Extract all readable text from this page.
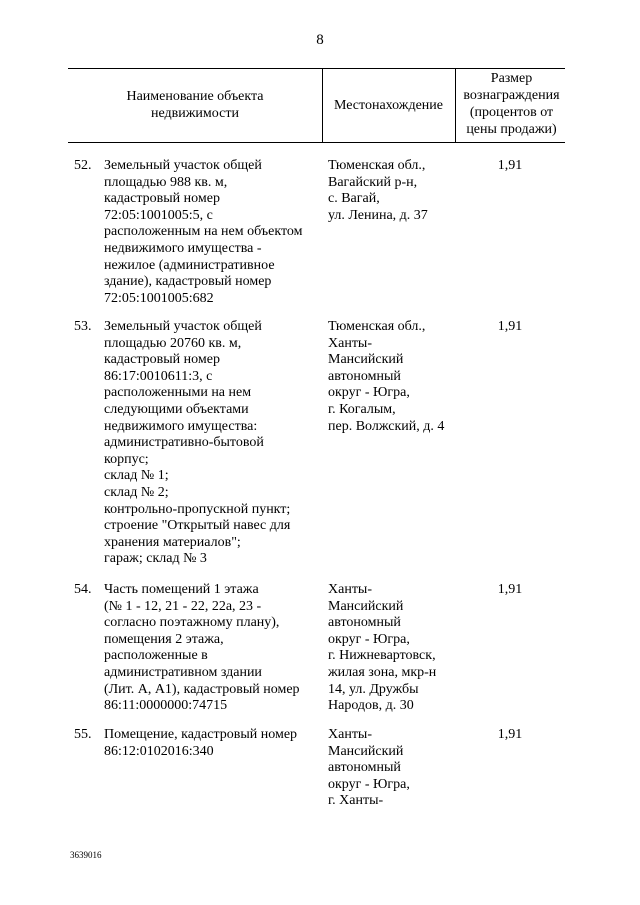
8
Наименование объекта
недвижимости
Местонахождение
Размер
вознаграждения
(процентов от
цены продажи)
52. Земельный участок общей
площадью 988 кв. м,
кадастровый номер
72:05:1001005:5, с
расположенным на нем объектом
недвижимого имущества -
нежилое (административное
здание), кадастровый номер
72:05:1001005:682
Тюменская обл.,
Вагайский р-н,
с. Вагай,
ул. Ленина, д. 37
1,91
53. Земельный участок общей
площадью 20760 кв. м,
кадастровый номер
86:17:0010611:3, с
расположенными на нем
следующими объектами
недвижимого имущества:
административно-бытовой
корпус;
склад № 1;
склад № 2;
контрольно-пропускной пункт;
строение "Открытый навес для
хранения материалов";
гараж; склад № 3
Тюменская обл.,
Ханты-
Мансийский
автономный
округ - Югра,
г. Когалым,
пер. Волжский, д. 4
1,91
54. Часть помещений 1 этажа
(№ 1 - 12, 21 - 22, 22а, 23 -
согласно поэтажному плану),
помещения 2 этажа,
расположенные в
административном здании
(Лит. А, А1), кадастровый номер
86:11:0000000:74715
Ханты-
Мансийский
автономный
округ - Югра,
г. Нижневартовск,
жилая зона, мкр-н
14, ул. Дружбы
Народов, д. 30
1,91
55. Помещение, кадастровый номер
86:12:0102016:340
Ханты-
Мансийский
автономный
округ - Югра,
г. Ханты-
1,91
3639016
